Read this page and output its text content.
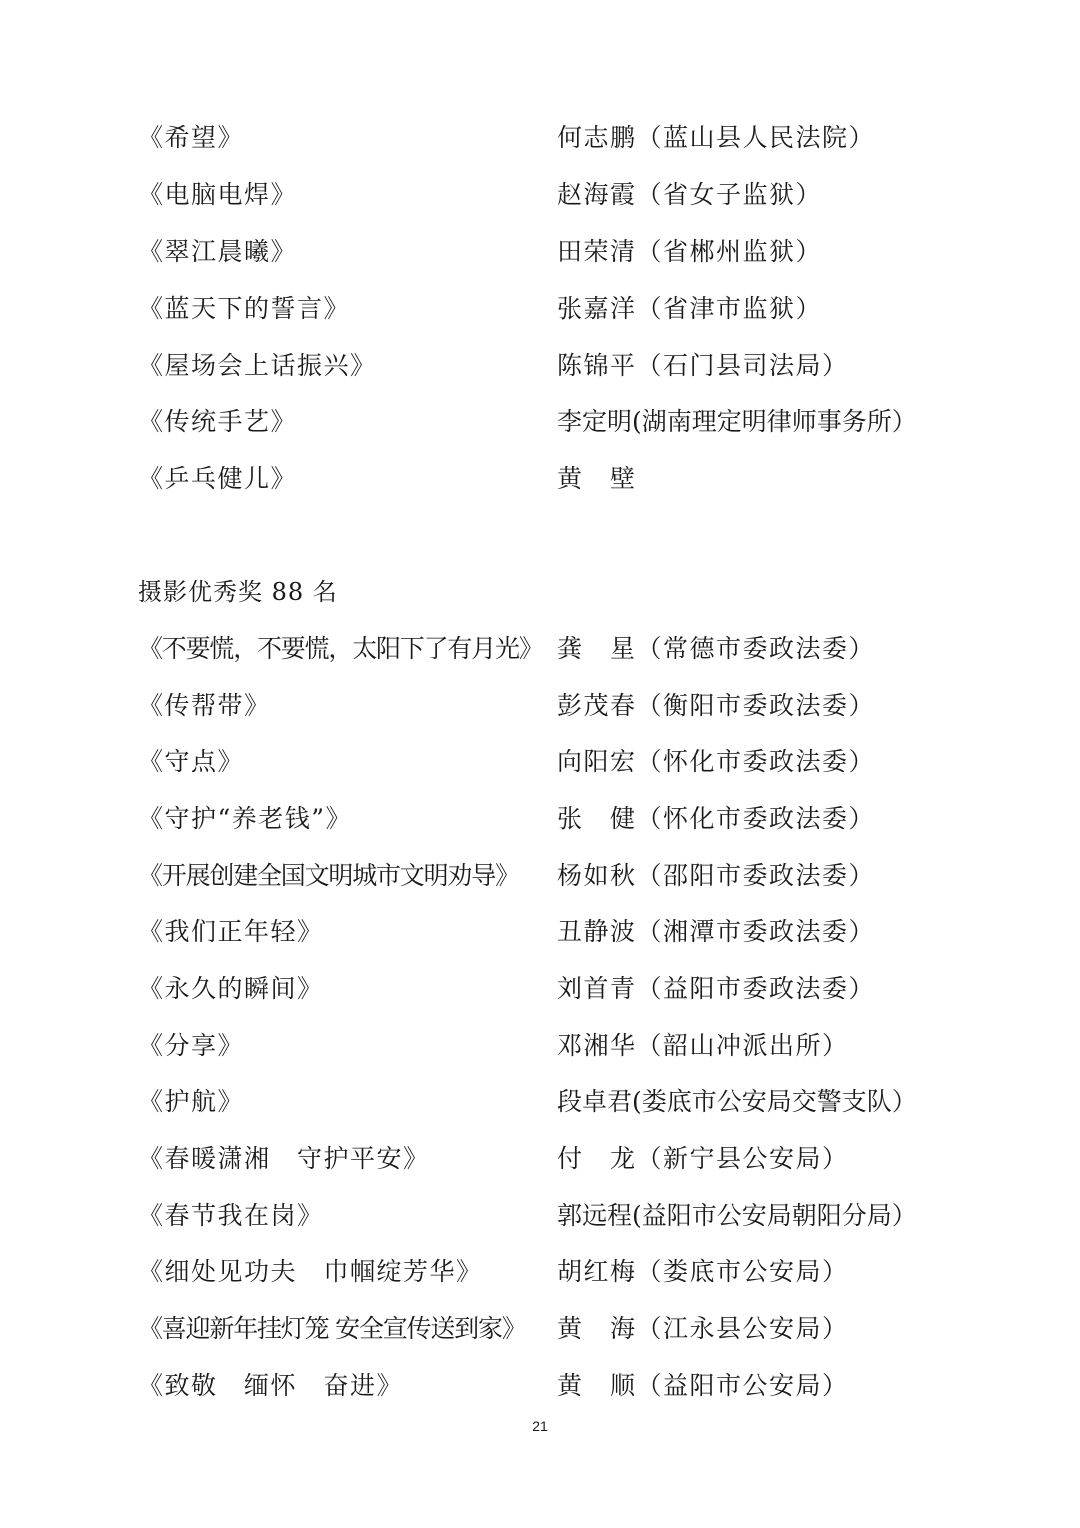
《希望》	何志鹏（蓝山县人民法院）
《电脑电焊》	赵海霞（省女子监狱）
《翠江晨曦》	田荣清（省郴州监狱）
《蓝天下的誓言》	张嘉洋（省津市监狱）
《屋场会上话振兴》	陈锦平（石门县司法局）
《传统手艺》	李定明(湖南理定明律师事务所）
《乒乓健儿》	黄　壁
摄影优秀奖 88 名
《不要慌，不要慌，太阳下了有月光》 龚　星（常德市委政法委）
《传帮带》	彭茂春（衡阳市委政法委）
《守点》	向阳宏（怀化市委政法委）
《守护“养老钱”》	张　健（怀化市委政法委）
《开展创建全国文明城市文明劝导》 杨如秋（邵阳市委政法委）
《我们正年轻》	丑静波（湘潭市委政法委）
《永久的瞬间》	刘首青（益阳市委政法委）
《分享》	邓湘华（韶山冲派出所）
《护航》	段卓君(娄底市公安局交警支队）
《春暖潇湘　守护平安》	付　龙（新宁县公安局）
《春节我在岗》	郭远程(益阳市公安局朝阳分局）
《细处见功夫　巾帼绽芳华》	胡红梅（娄底市公安局）
《喜迎新年挂灯笼 安全宣传送到家》 黄　海（江永县公安局）
《致敬　缅怀　奋进》	黄　顺（益阳市公安局）
21
